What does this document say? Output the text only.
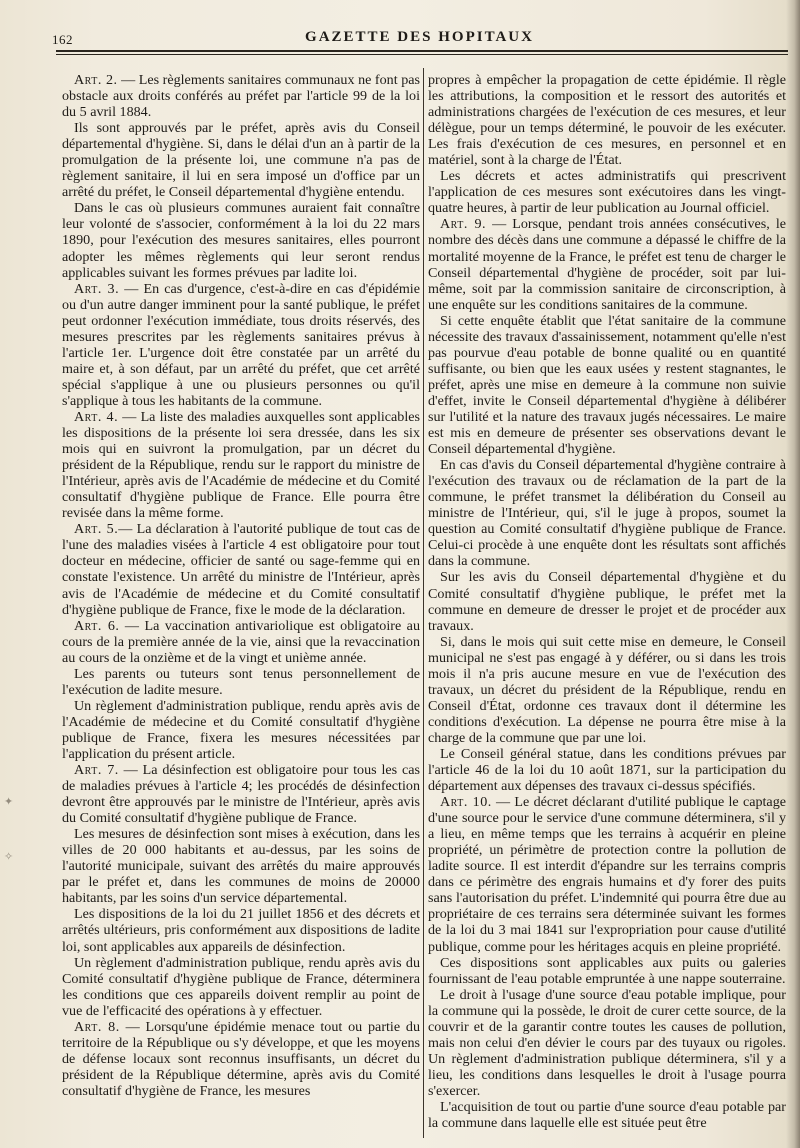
162	GAZETTE DES HOPITAUX

Art. 2. — Les règlements sanitaires communaux ne font pas obstacle aux droits conférés au préfet par l'article 99 de la loi du 5 avril 1884.

Ils sont approuvés par le préfet, après avis du Conseil départemental d'hygiène. Si, dans le délai d'un an à partir de la promulgation de la présente loi, une commune n'a pas de règlement sanitaire, il lui en sera imposé un d'office par un arrêté du préfet, le Conseil départemental d'hygiène entendu.

Dans le cas où plusieurs communes auraient fait connaître leur volonté de s'associer, conformément à la loi du 22 mars 1890, pour l'exécution des mesures sanitaires, elles pourront adopter les mêmes règlements qui leur seront rendus applicables suivant les formes prévues par ladite loi.

Art. 3. — En cas d'urgence, c'est-à-dire en cas d'épidémie ou d'un autre danger imminent pour la santé publique, le préfet peut ordonner l'exécution immédiate, tous droits réservés, des mesures prescrites par les règlements sanitaires prévus à l'article 1er. L'urgence doit être constatée par un arrêté du maire et, à son défaut, par un arrêté du préfet, que cet arrêté spécial s'applique à une ou plusieurs personnes ou qu'il s'applique à tous les habitants de la commune.

Art. 4. — La liste des maladies auxquelles sont applicables les dispositions de la présente loi sera dressée, dans les six mois qui en suivront la promulgation, par un décret du président de la République, rendu sur le rapport du ministre de l'Intérieur, après avis de l'Académie de médecine et du Comité consultatif d'hygiène publique de France. Elle pourra être revisée dans la même forme.

Art. 5.— La déclaration à l'autorité publique de tout cas de l'une des maladies visées à l'article 4 est obligatoire pour tout docteur en médecine, officier de santé ou sage-femme qui en constate l'existence. Un arrêté du ministre de l'Intérieur, après avis de l'Académie de médecine et du Comité consultatif d'hygiène publique de France, fixe le mode de la déclaration.

Art. 6. — La vaccination antivariolique est obligatoire au cours de la première année de la vie, ainsi que la revaccination au cours de la onzième et de la vingt et unième année.

Les parents ou tuteurs sont tenus personnellement de l'exécution de ladite mesure.

Un règlement d'administration publique, rendu après avis de l'Académie de médecine et du Comité consultatif d'hygiène publique de France, fixera les mesures nécessitées par l'application du présent article.

Art. 7. — La désinfection est obligatoire pour tous les cas de maladies prévues à l'article 4; les procédés de désinfection devront être approuvés par le ministre de l'Intérieur, après avis du Comité consultatif d'hygiène publique de France.

Les mesures de désinfection sont mises à exécution, dans les villes de 20 000 habitants et au-dessus, par les soins de l'autorité municipale, suivant des arrêtés du maire approuvés par le préfet et, dans les communes de moins de 20000 habitants, par les soins d'un service départemental.

Les dispositions de la loi du 21 juillet 1856 et des décrets et arrêtés ultérieurs, pris conformément aux dispositions de ladite loi, sont applicables aux appareils de désinfection.

Un règlement d'administration publique, rendu après avis du Comité consultatif d'hygiène publique de France, déterminera les conditions que ces appareils doivent remplir au point de vue de l'efficacité des opérations à y effectuer.

Art. 8. — Lorsqu'une épidémie menace tout ou partie du territoire de la République ou s'y développe, et que les moyens de défense locaux sont reconnus insuffisants, un décret du président de la République détermine, après avis du Comité consultatif d'hygiène de France, les mesures

propres à empêcher la propagation de cette épidémie. Il règle les attributions, la composition et le ressort des autorités et administrations chargées de l'exécution de ces mesures, et leur délègue, pour un temps déterminé, le pouvoir de les exécuter. Les frais d'exécution de ces mesures, en personnel et en matériel, sont à la charge de l'État.

Les décrets et actes administratifs qui prescrivent l'application de ces mesures sont exécutoires dans les vingt-quatre heures, à partir de leur publication au Journal officiel.

Art. 9. — Lorsque, pendant trois années consécutives, le nombre des décès dans une commune a dépassé le chiffre de la mortalité moyenne de la France, le préfet est tenu de charger le Conseil départemental d'hygiène de procéder, soit par lui-même, soit par la commission sanitaire de circonscription, à une enquête sur les conditions sanitaires de la commune.

Si cette enquête établit que l'état sanitaire de la commune nécessite des travaux d'assainissement, notamment qu'elle n'est pas pourvue d'eau potable de bonne qualité ou en quantité suffisante, ou bien que les eaux usées y restent stagnantes, le préfet, après une mise en demeure à la commune non suivie d'effet, invite le Conseil départemental d'hygiène à délibérer sur l'utilité et la nature des travaux jugés nécessaires. Le maire est mis en demeure de présenter ses observations devant le Conseil départemental d'hygiène.

En cas d'avis du Conseil départemental d'hygiène contraire à l'exécution des travaux ou de réclamation de la part de la commune, le préfet transmet la délibération du Conseil au ministre de l'Intérieur, qui, s'il le juge à propos, soumet la question au Comité consultatif d'hygiène publique de France. Celui-ci procède à une enquête dont les résultats sont affichés dans la commune.

Sur les avis du Conseil départemental d'hygiène et du Comité consultatif d'hygiène publique, le préfet met la commune en demeure de dresser le projet et de procéder aux travaux.

Si, dans le mois qui suit cette mise en demeure, le Conseil municipal ne s'est pas engagé à y déférer, ou si dans les trois mois il n'a pris aucune mesure en vue de l'exécution des travaux, un décret du président de la République, rendu en Conseil d'État, ordonne ces travaux dont il détermine les conditions d'exécution. La dépense ne pourra être mise à la charge de la commune que par une loi.

Le Conseil général statue, dans les conditions prévues par l'article 46 de la loi du 10 août 1871, sur la participation du département aux dépenses des travaux ci-dessus spécifiés.

Art. 10. — Le décret déclarant d'utilité publique le captage d'une source pour le service d'une commune déterminera, s'il y a lieu, en même temps que les terrains à acquérir en pleine propriété, un périmètre de protection contre la pollution de ladite source. Il est interdit d'épandre sur les terrains compris dans ce périmètre des engrais humains et d'y forer des puits sans l'autorisation du préfet. L'indemnité qui pourra être due au propriétaire de ces terrains sera déterminée suivant les formes de la loi du 3 mai 1841 sur l'expropriation pour cause d'utilité publique, comme pour les héritages acquis en pleine propriété.

Ces dispositions sont applicables aux puits ou galeries fournissant de l'eau potable empruntée à une nappe souterraine.

Le droit à l'usage d'une source d'eau potable implique, pour la commune qui la possède, le droit de curer cette source, de la couvrir et de la garantir contre toutes les causes de pollution, mais non celui d'en dévier le cours par des tuyaux ou rigoles. Un règlement d'administration publique déterminera, s'il y a lieu, les conditions dans lesquelles le droit à l'usage pourra s'exercer.

L'acquisition de tout ou partie d'une source d'eau potable par la commune dans laquelle elle est située peut être

✦
✧
